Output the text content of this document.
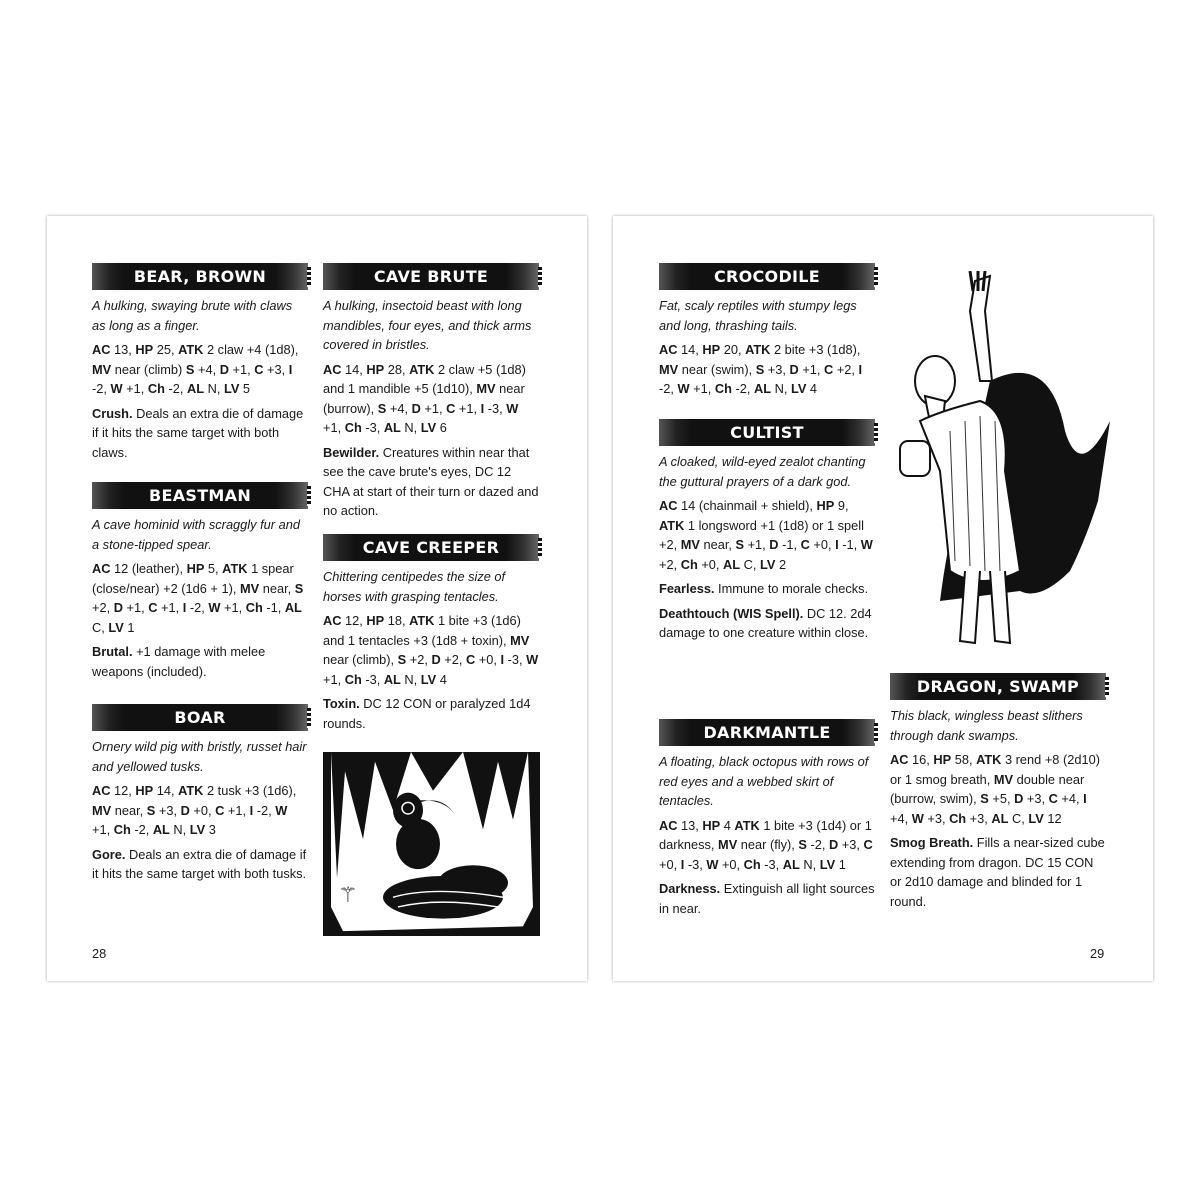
BEAR, BROWN

A hulking, swaying brute with claws as long as a finger.

AC 13, HP 25, ATK 2 claw +4 (1d8), MV near (climb) S +4, D +1, C +3, I -2, W +1, Ch -2, AL N, LV 5

Crush. Deals an extra die of damage if it hits the same target with both claws.

BEASTMAN

A cave hominid with scraggly fur and a stone-tipped spear.

AC 12 (leather), HP 5, ATK 1 spear (close/near) +2 (1d6 + 1), MV near, S +2, D +1, C +1, I -2, W +1, Ch -1, AL C, LV 1

Brutal. +1 damage with melee weapons (included).

BOAR

Ornery wild pig with bristly, russet hair and yellowed tusks.

AC 12, HP 14, ATK 2 tusk +3 (1d6), MV near, S +3, D +0, C +1, I -2, W +1, Ch -2, AL N, LV 3

Gore. Deals an extra die of damage if it hits the same target with both tusks.

CAVE BRUTE

A hulking, insectoid beast with long mandibles, four eyes, and thick arms covered in bristles.

AC 14, HP 28, ATK 2 claw +5 (1d8) and 1 mandible +5 (1d10), MV near (burrow), S +4, D +1, C +1, I -3, W +1, Ch -3, AL N, LV 6

Bewilder. Creatures within near that see the cave brute's eyes, DC 12 CHA at start of their turn or dazed and no action.

CAVE CREEPER

Chittering centipedes the size of horses with grasping tentacles.

AC 12, HP 18, ATK 1 bite +3 (1d6) and 1 tentacles +3 (1d8 + toxin), MV near (climb), S +2, D +2, C +0, I -3, W +1, Ch -3, AL N, LV 4

Toxin. DC 12 CON or paralyzed 1d4 rounds.

⚚
28
CROCODILE

Fat, scaly reptiles with stumpy legs and long, thrashing tails.

AC 14, HP 20, ATK 2 bite +3 (1d8), MV near (swim), S +3, D +1, C +2, I -2, W +1, Ch -2, AL N, LV 4

CULTIST

A cloaked, wild-eyed zealot chanting the guttural prayers of a dark god.

AC 14 (chainmail + shield), HP 9, ATK 1 longsword +1 (1d8) or 1 spell +2, MV near, S +1, D -1, C +0, I -1, W +2, Ch +0, AL C, LV 2

Fearless. Immune to morale checks.

Deathtouch (WIS Spell). DC 12. 2d4 damage to one creature within close.

DARKMANTLE

A floating, black octopus with rows of red eyes and a webbed skirt of tentacles.

AC 13, HP 4 ATK 1 bite +3 (1d4) or 1 darkness, MV near (fly), S -2, D +3, C +0, I -3, W +0, Ch -3, AL N, LV 1

Darkness. Extinguish all light sources in near.

DRAGON, SWAMP

This black, wingless beast slithers through dank swamps.

AC 16, HP 58, ATK 3 rend +8 (2d10) or 1 smog breath, MV double near (burrow, swim), S +5, D +3, C +4, I +4, W +3, Ch +3, AL C, LV 12

Smog Breath. Fills a near-sized cube extending from dragon. DC 15 CON or 2d10 damage and blinded for 1 round.

29
